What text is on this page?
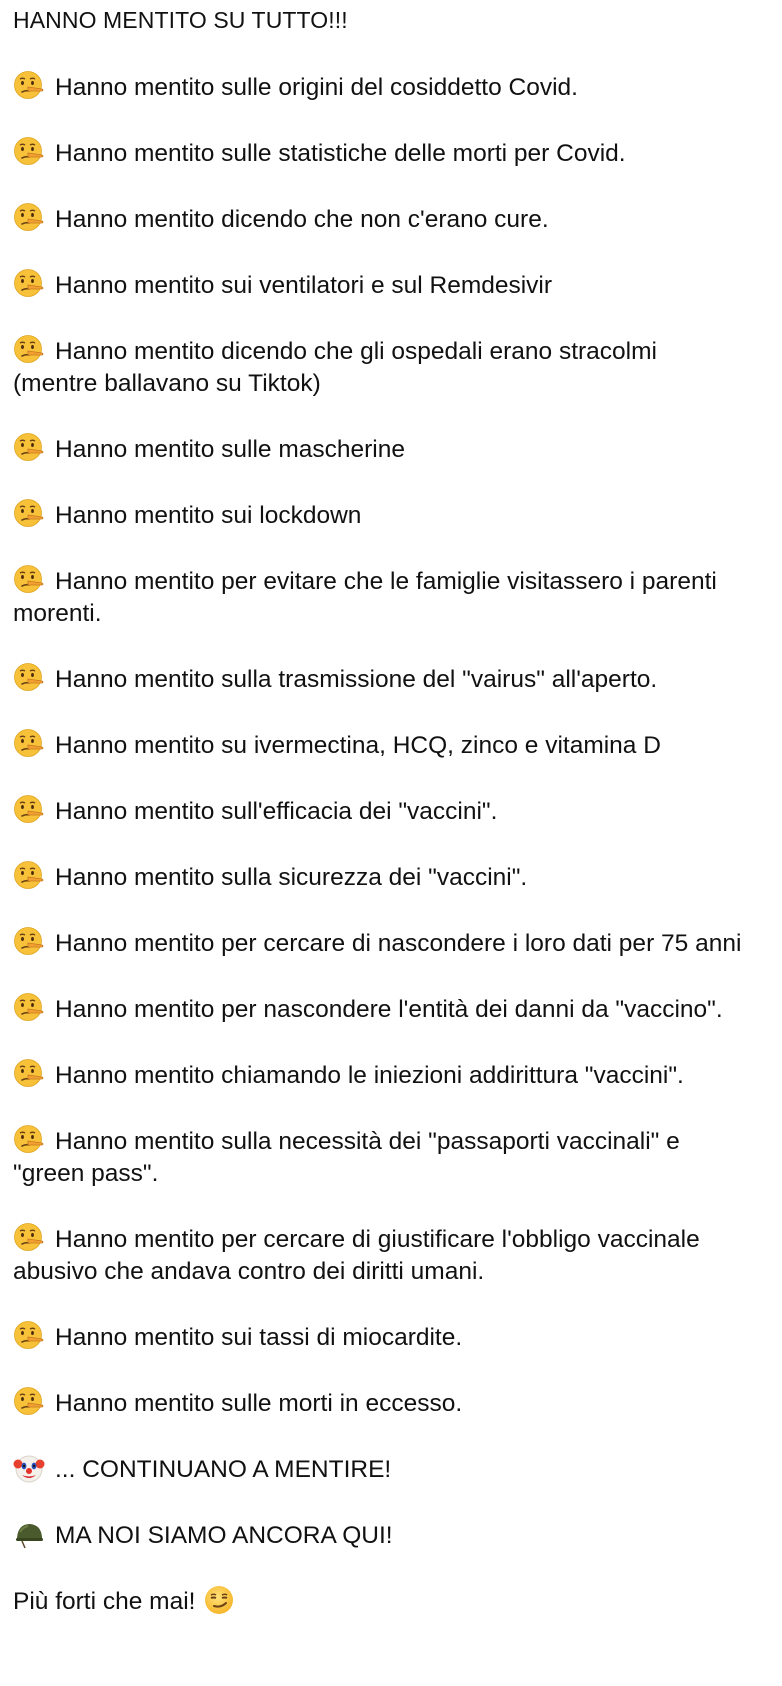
HANNO MENTITO SU TUTTO!!!
Hanno mentito sulle origini del cosiddetto Covid.
Hanno mentito sulle statistiche delle morti per Covid.
Hanno mentito dicendo che non c'erano cure.
Hanno mentito sui ventilatori e sul Remdesivir
Hanno mentito dicendo che gli ospedali erano stracolmi (mentre ballavano su Tiktok)
Hanno mentito sulle mascherine
Hanno mentito sui lockdown
Hanno mentito per evitare che le famiglie visitassero i parenti morenti.
Hanno mentito sulla trasmissione del "vairus" all'aperto.
Hanno mentito su ivermectina, HCQ, zinco e vitamina D
Hanno mentito sull'efficacia dei "vaccini".
Hanno mentito sulla sicurezza dei "vaccini".
Hanno mentito per cercare di nascondere i loro dati per 75 anni
Hanno mentito per nascondere l'entità dei danni da "vaccino".
Hanno mentito chiamando le iniezioni addirittura "vaccini".
Hanno mentito sulla necessità dei "passaporti vaccinali" e "green pass".
Hanno mentito per cercare di giustificare l'obbligo vaccinale abusivo che andava contro dei diritti umani.
Hanno mentito sui tassi di miocardite.
Hanno mentito sulle morti in eccesso.
... CONTINUANO A MENTIRE!
MA NOI SIAMO ANCORA QUI!
Più forti che mai!
